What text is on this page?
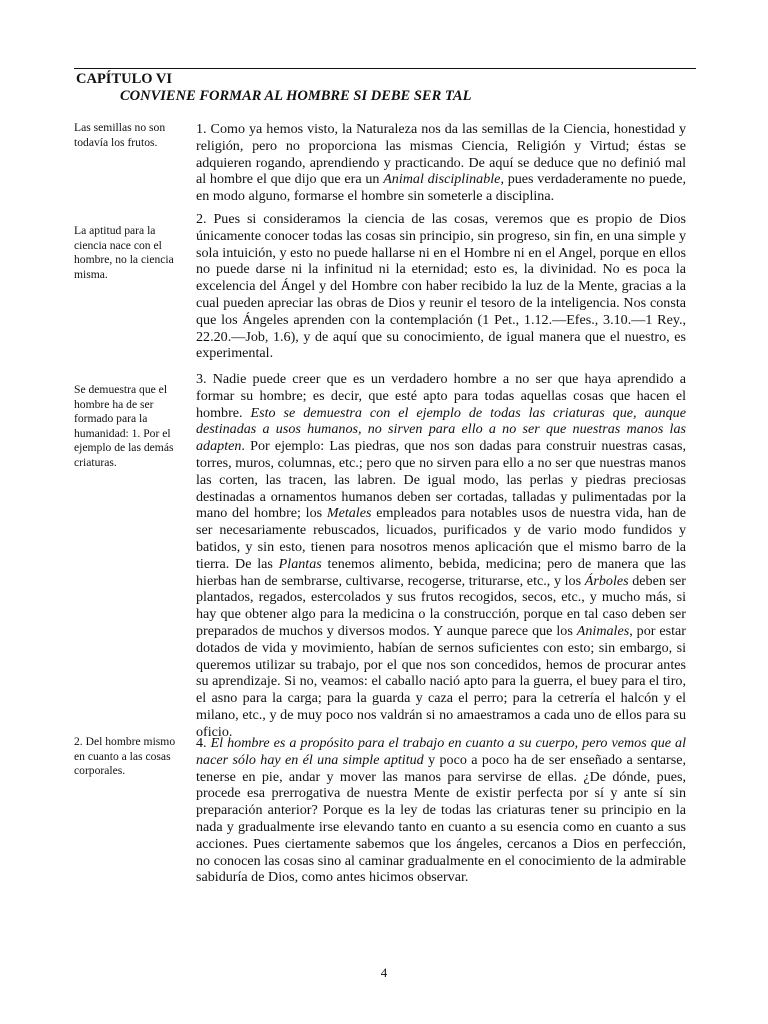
CAPÍTULO VI
CONVIENE FORMAR AL HOMBRE SI DEBE SER TAL

Las semillas no son todavía los frutos.

1. Como ya hemos visto, la Naturaleza nos da las semillas de la Ciencia, honestidad y religión, pero no proporciona las mismas Ciencia, Religión y Virtud; éstas se adquieren rogando, aprendiendo y practicando. De aquí se deduce que no definió mal al hombre el que dijo que era un Animal disciplinable, pues verdaderamente no puede, en modo alguno, formarse el hombre sin someterle a disciplina.

La aptitud para la ciencia nace con el hombre, no la ciencia misma.

2. Pues si consideramos la ciencia de las cosas, veremos que es propio de Dios únicamente conocer todas las cosas sin principio, sin progreso, sin fin, en una simple y sola intuición, y esto no puede hallarse ni en el Hombre ni en el Angel, porque en ellos no puede darse ni la infinitud ni la eternidad; esto es, la divinidad. No es poca la excelencia del Ángel y del Hombre con haber recibido la luz de la Mente, gracias a la cual pueden apreciar las obras de Dios y reunir el tesoro de la inteligencia. Nos consta que los Ángeles aprenden con la contemplación (1 Pet., 1.12.—Efes., 3.10.—1 Rey., 22.20.—Job, 1.6), y de aquí que su conocimiento, de igual manera que el nuestro, es experimental.

Se demuestra que el hombre ha de ser formado para la humanidad: 1. Por el ejemplo de las demás criaturas.

3. Nadie puede creer que es un verdadero hombre a no ser que haya aprendido a formar su hombre; es decir, que esté apto para todas aquellas cosas que hacen el hombre. Esto se demuestra con el ejemplo de todas las criaturas que, aunque destinadas a usos humanos, no sirven para ello a no ser que nuestras manos las adapten. Por ejemplo: Las piedras, que nos son dadas para construir nuestras casas, torres, muros, columnas, etc.; pero que no sirven para ello a no ser que nuestras manos las corten, las tracen, las labren. De igual modo, las perlas y piedras preciosas destinadas a ornamentos humanos deben ser cortadas, talladas y pulimentadas por la mano del hombre; los Metales empleados para notables usos de nuestra vida, han de ser necesariamente rebuscados, licuados, purificados y de vario modo fundidos y batidos, y sin esto, tienen para nosotros menos aplicación que el mismo barro de la tierra. De las Plantas tenemos alimento, bebida, medicina; pero de manera que las hierbas han de sembrarse, cultivarse, recogerse, triturarse, etc., y los Árboles deben ser plantados, regados, estercolados y sus frutos recogidos, secos, etc., y mucho más, si hay que obtener algo para la medicina o la construcción, porque en tal caso deben ser preparados de muchos y diversos modos. Y aunque parece que los Animales, por estar dotados de vida y movimiento, habían de sernos suficientes con esto; sin embargo, si queremos utilizar su trabajo, por el que nos son concedidos, hemos de procurar antes su aprendizaje. Si no, veamos: el caballo nació apto para la guerra, el buey para el tiro, el asno para la carga; para la guarda y caza el perro; para la cetrería el halcón y el milano, etc., y de muy poco nos valdrán si no amaestramos a cada uno de ellos para su oficio.

2. Del hombre mismo en cuanto a las cosas corporales.

4. El hombre es a propósito para el trabajo en cuanto a su cuerpo, pero vemos que al nacer sólo hay en él una simple aptitud y poco a poco ha de ser enseñado a sentarse, tenerse en pie, andar y mover las manos para servirse de ellas. ¿De dónde, pues, procede esa prerrogativa de nuestra Mente de existir perfecta por sí y ante sí sin preparación anterior? Porque es la ley de todas las criaturas tener su principio en la nada y gradualmente irse elevando tanto en cuanto a su esencia como en cuanto a sus acciones. Pues ciertamente sabemos que los ángeles, cercanos a Dios en perfección, no conocen las cosas sino al caminar gradualmente en el conocimiento de la admirable sabiduría de Dios, como antes hicimos observar.

4
